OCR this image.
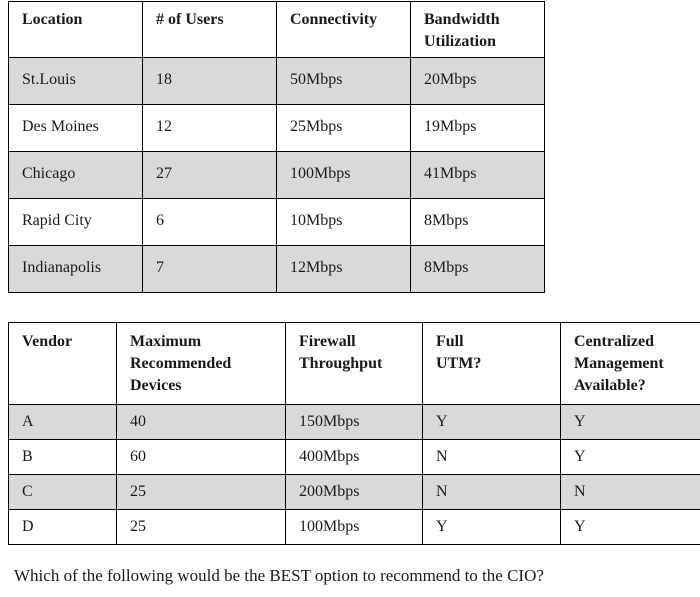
Location	# of Users	Connectivity	Bandwidth Utilization
St.Louis	18	50Mbps	20Mbps
Des Moines	12	25Mbps	19Mbps
Chicago	27	100Mbps	41Mbps
Rapid City	6	10Mbps	8Mbps
Indianapolis	7	12Mbps	8Mbps
Vendor	Maximum Recommended Devices	Firewall Throughput	Full UTM?	Centralized Management Available?
A	40	150Mbps	Y	Y
B	60	400Mbps	N	Y
C	25	200Mbps	N	N
D	25	100Mbps	Y	Y

Which of the following would be the BEST option to recommend to the CIO?
